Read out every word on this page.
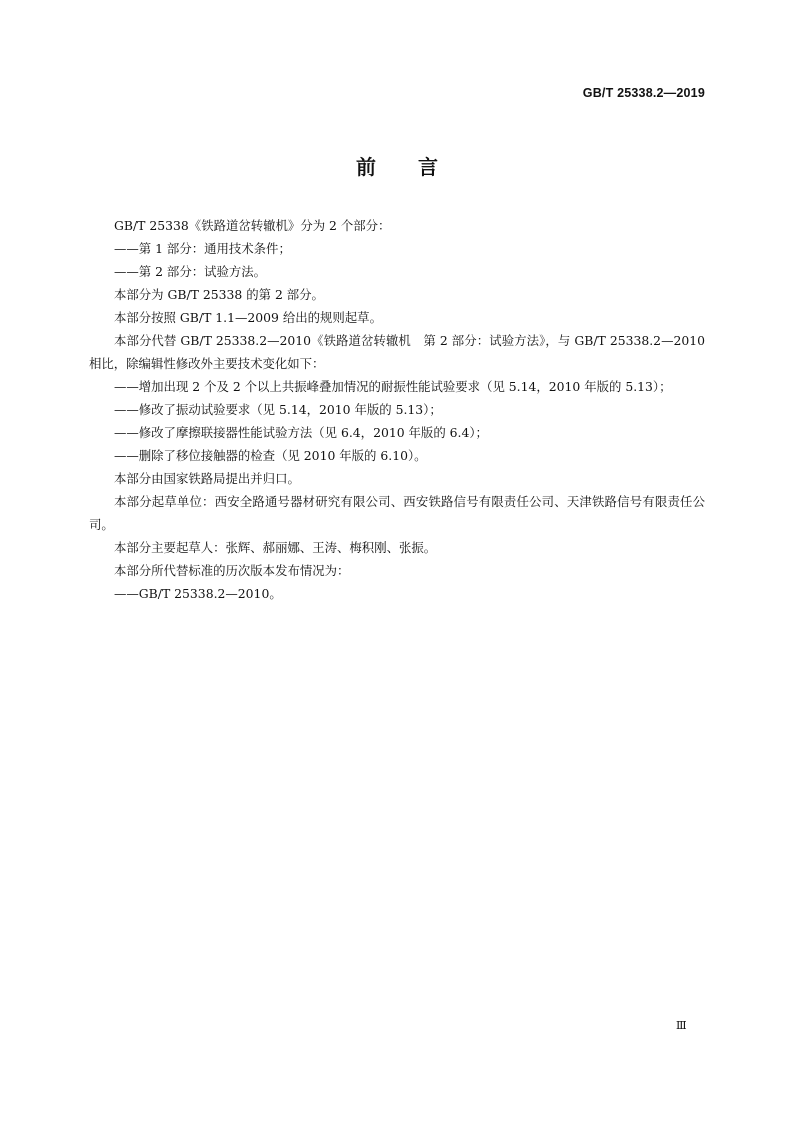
GB/T 25338.2—2019
前言

GB/T 25338《铁路道岔转辙机》分为 2 个部分：

——第 1 部分：通用技术条件；

——第 2 部分：试验方法。

本部分为 GB/T 25338 的第 2 部分。

本部分按照 GB/T 1.1—2009 给出的规则起草。

本部分代替 GB/T 25338.2—2010《铁路道岔转辙机　第 2 部分：试验方法》，与 GB/T 25338.2—2010 相比，除编辑性修改外主要技术变化如下：

——增加出现 2 个及 2 个以上共振峰叠加情况的耐振性能试验要求（见 5.14，2010 年版的 5.13）；

——修改了振动试验要求（见 5.14，2010 年版的 5.13）；

——修改了摩擦联接器性能试验方法（见 6.4，2010 年版的 6.4）；

——删除了移位接触器的检查（见 2010 年版的 6.10）。

本部分由国家铁路局提出并归口。

本部分起草单位：西安全路通号器材研究有限公司、西安铁路信号有限责任公司、天津铁路信号有限责任公司。

本部分主要起草人：张辉、郝丽娜、王涛、梅积刚、张振。

本部分所代替标准的历次版本发布情况为：

——GB/T 25338.2—2010。

Ⅲ
